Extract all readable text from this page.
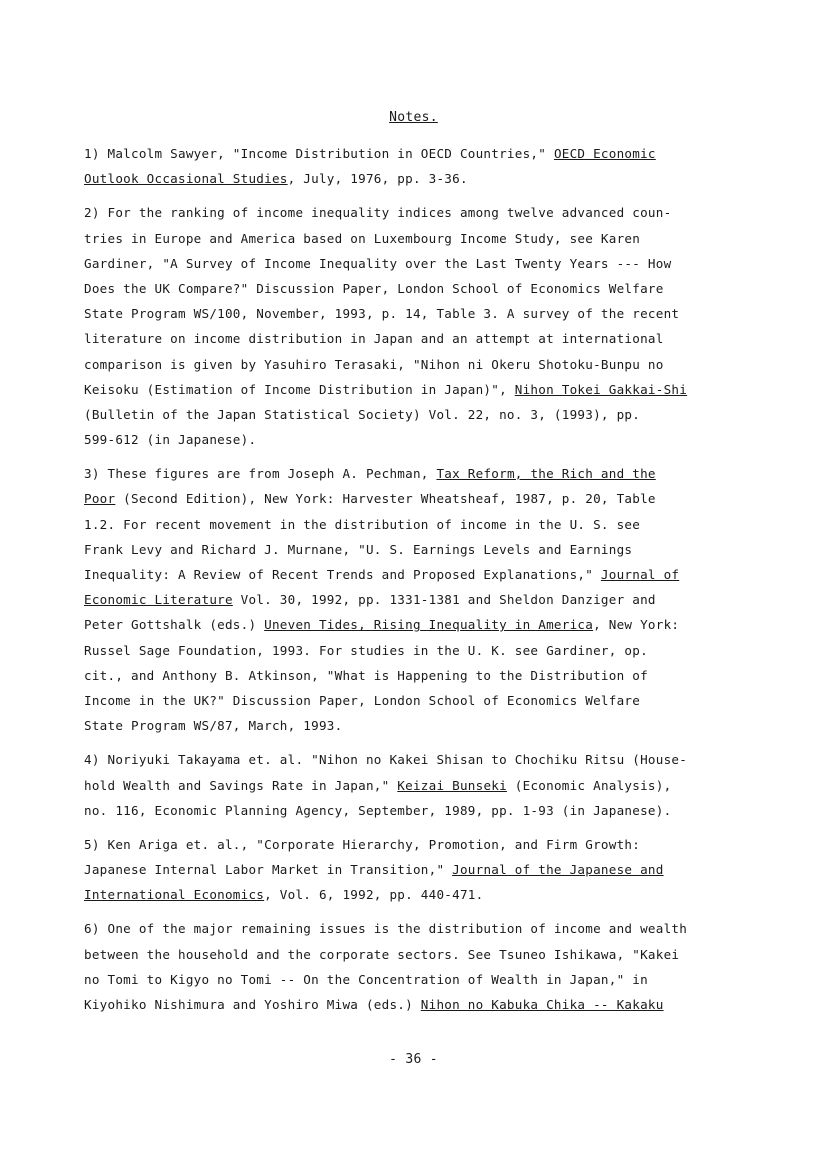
Notes.
1) Malcolm Sawyer, "Income Distribution in OECD Countries," OECD Economic
Outlook Occasional Studies, July, 1976, pp. 3-36.
2) For the ranking of income inequality indices among twelve advanced coun-
tries in Europe and America based on Luxembourg Income Study, see Karen
Gardiner, "A Survey of Income Inequality over the Last Twenty Years --- How
Does the UK Compare?" Discussion Paper, London School of Economics Welfare
State Program WS/100, November, 1993, p. 14, Table 3. A survey of the recent
literature on income distribution in Japan and an attempt at international
comparison is given by Yasuhiro Terasaki, "Nihon ni Okeru Shotoku-Bunpu no
Keisoku (Estimation of Income Distribution in Japan)", Nihon Tokei Gakkai-Shi
(Bulletin of the Japan Statistical Society) Vol. 22, no. 3, (1993), pp.
599-612 (in Japanese).
3) These figures are from Joseph A. Pechman, Tax Reform, the Rich and the
Poor (Second Edition), New York: Harvester Wheatsheaf, 1987, p. 20, Table
1.2. For recent movement in the distribution of income in the U. S. see
Frank Levy and Richard J. Murnane, "U. S. Earnings Levels and Earnings
Inequality: A Review of Recent Trends and Proposed Explanations," Journal of
Economic Literature Vol. 30, 1992, pp. 1331-1381 and Sheldon Danziger and
Peter Gottshalk (eds.) Uneven Tides, Rising Inequality in America, New York:
Russel Sage Foundation, 1993. For studies in the U. K. see Gardiner, op.
cit., and Anthony B. Atkinson, "What is Happening to the Distribution of
Income in the UK?" Discussion Paper, London School of Economics Welfare
State Program WS/87, March, 1993.
4) Noriyuki Takayama et. al. "Nihon no Kakei Shisan to Chochiku Ritsu (House-
hold Wealth and Savings Rate in Japan," Keizai Bunseki (Economic Analysis),
no. 116, Economic Planning Agency, September, 1989, pp. 1-93 (in Japanese).
5) Ken Ariga et. al., "Corporate Hierarchy, Promotion, and Firm Growth:
Japanese Internal Labor Market in Transition," Journal of the Japanese and
International Economics, Vol. 6, 1992, pp. 440-471.
6) One of the major remaining issues is the distribution of income and wealth
between the household and the corporate sectors. See Tsuneo Ishikawa, "Kakei
no Tomi to Kigyo no Tomi -- On the Concentration of Wealth in Japan," in
Kiyohiko Nishimura and Yoshiro Miwa (eds.) Nihon no Kabuka Chika -- Kakaku
- 36 -
